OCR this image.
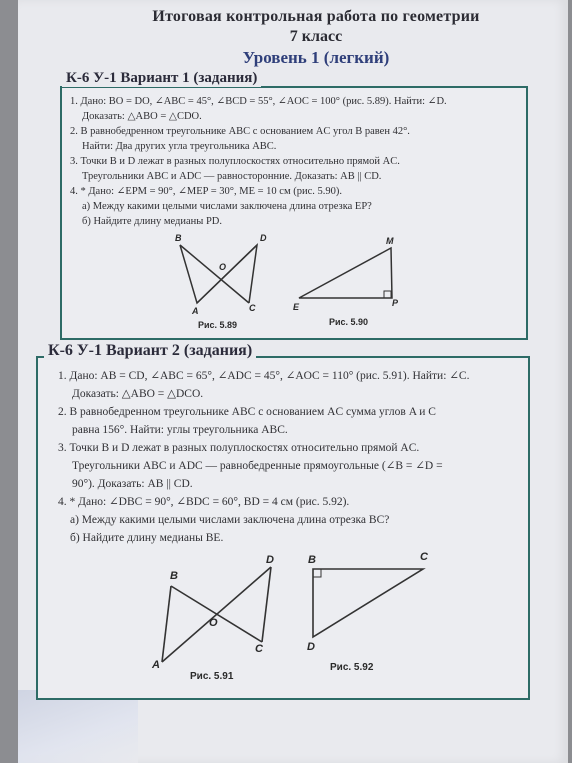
Итоговая контрольная работа по геометрии
7 класс
Уровень 1 (легкий)
К-6 У-1 Вариант 1 (задания)
1. Дано: BO = DO, ∠ABC = 45°, ∠BCD = 55°, ∠AOC = 100° (рис. 5.89). Найти: ∠D.
Доказать: △ABO = △CDO.
2. В равнобедренном треугольнике ABC с основанием AC угол B равен 42°.
Найти: Два других угла треугольника ABC.
3. Точки B и D лежат в разных полуплоскостях относительно прямой AC.
Треугольники ABC и ADC — равносторонние. Доказать: AB || CD.
4. * Дано: ∠EPM = 90°, ∠MEP = 30°, ME = 10 см (рис. 5.90).
а) Между какими целыми числами заключена длина отрезка EP?
б) Найдите длину медианы PD.
B	D
O
A	C
Рис. 5.89
M
E	P
Рис. 5.90
К-6 У-1 Вариант 2 (задания)
1. Дано: AB = CD, ∠ABC = 65°, ∠ADC = 45°, ∠AOC = 110° (рис. 5.91). Найти: ∠C.
Доказать: △ABO = △DCO.
2. В равнобедренном треугольнике ABC с основанием AC сумма углов A и C
равна 156°. Найти: углы треугольника ABC.
3. Точки B и D лежат в разных полуплоскостях относительно прямой AC.
Треугольники ABC и ADC — равнобедренные прямоугольные (∠B = ∠D =
90°). Доказать: AB || CD.
4. * Дано: ∠DBC = 90°, ∠BDC = 60°, BD = 4 см (рис. 5.92).
а) Между какими целыми числами заключена длина отрезка BC?
б) Найдите длину медианы BE.
B
D
O
A
C
Рис. 5.91
B	C
D
Рис. 5.92
